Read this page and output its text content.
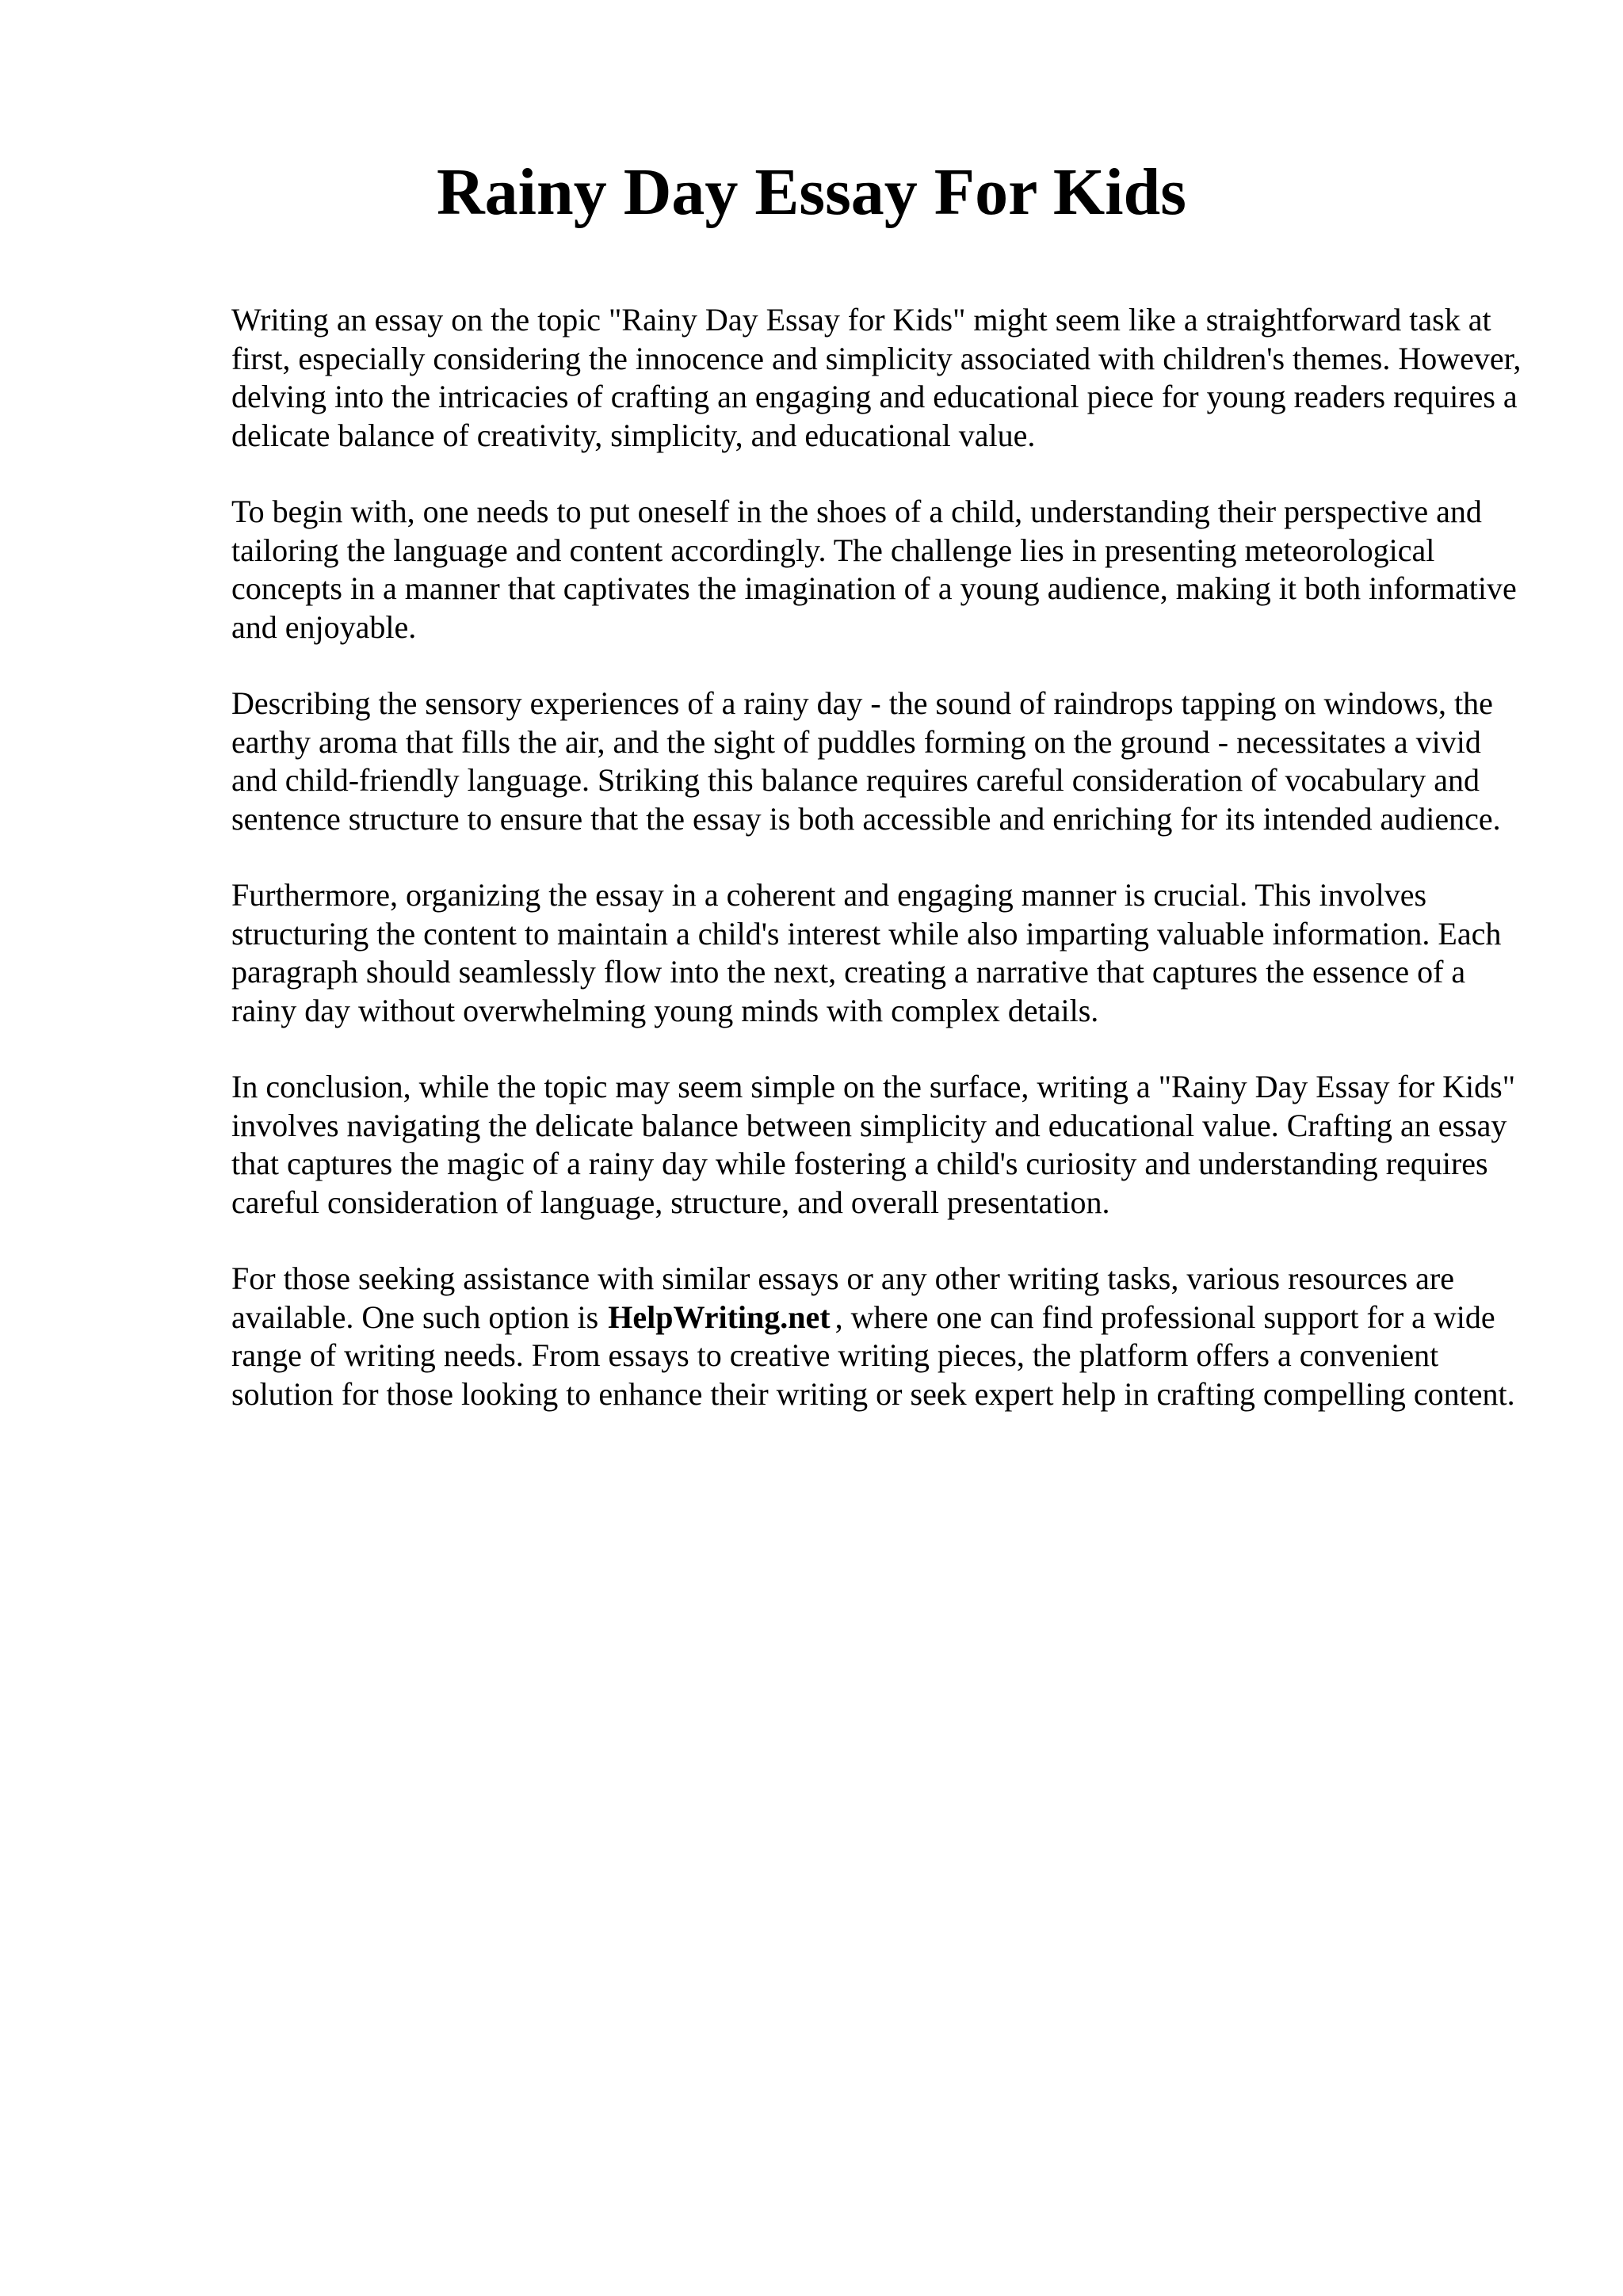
Rainy Day Essay For Kids

Writing an essay on the topic "Rainy Day Essay for Kids" might seem like a straightforward task at first, especially considering the innocence and simplicity associated with children's themes. However, delving into the intricacies of crafting an engaging and educational piece for young readers requires a delicate balance of creativity, simplicity, and educational value.

To begin with, one needs to put oneself in the shoes of a child, understanding their perspective and tailoring the language and content accordingly. The challenge lies in presenting meteorological concepts in a manner that captivates the imagination of a young audience, making it both informative and enjoyable.

Describing the sensory experiences of a rainy day - the sound of raindrops tapping on windows, the earthy aroma that fills the air, and the sight of puddles forming on the ground - necessitates a vivid and child-friendly language. Striking this balance requires careful consideration of vocabulary and sentence structure to ensure that the essay is both accessible and enriching for its intended audience.

Furthermore, organizing the essay in a coherent and engaging manner is crucial. This involves structuring the content to maintain a child's interest while also imparting valuable information. Each paragraph should seamlessly flow into the next, creating a narrative that captures the essence of a rainy day without overwhelming young minds with complex details.

In conclusion, while the topic may seem simple on the surface, writing a "Rainy Day Essay for Kids" involves navigating the delicate balance between simplicity and educational value. Crafting an essay that captures the magic of a rainy day while fostering a child's curiosity and understanding requires careful consideration of language, structure, and overall presentation.

For those seeking assistance with similar essays or any other writing tasks, various resources are available. One such option is HelpWriting.net , where one can find professional support for a wide range of writing needs. From essays to creative writing pieces, the platform offers a convenient solution for those looking to enhance their writing or seek expert help in crafting compelling content.
